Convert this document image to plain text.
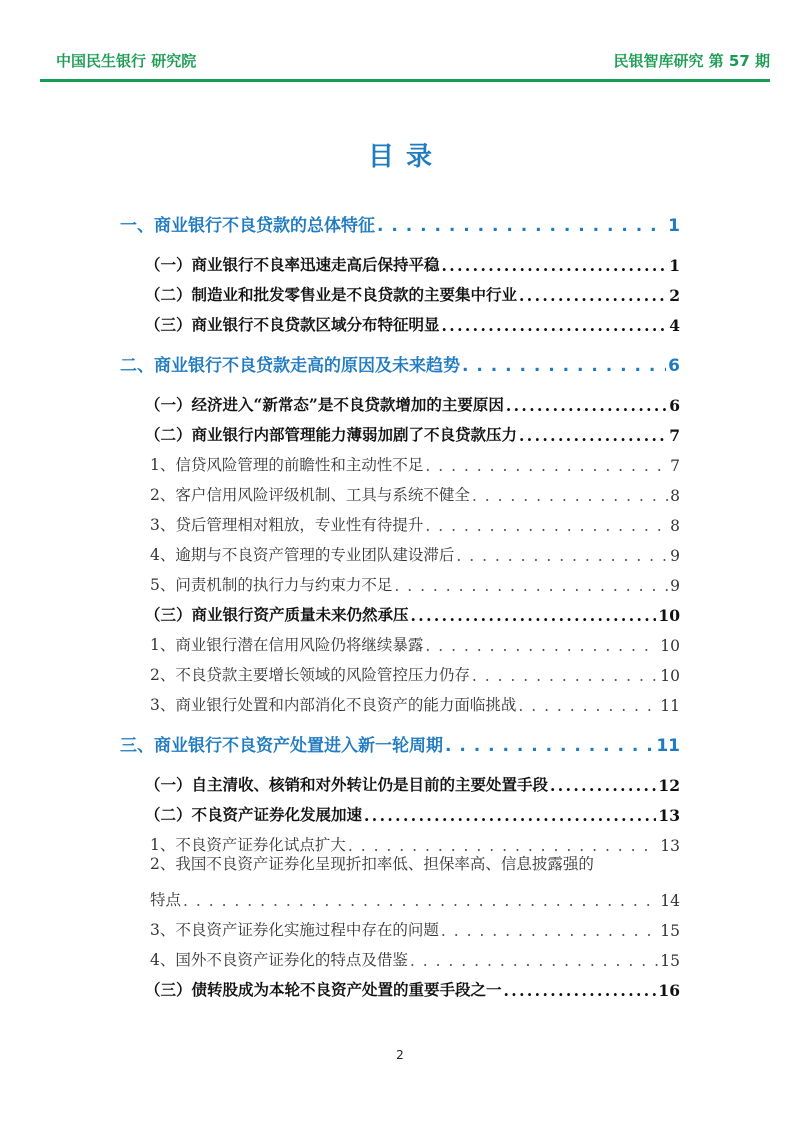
中国民生银行 研究院	民银智库研究 第 57 期
目录
一、商业银行不良贷款的总体特征 . . .	1
（一）商业银行不良率迅速走高后保持平稳 . . .	1
（二）制造业和批发零售业是不良贷款的主要集中行业 . . .	2
（三）商业银行不良贷款区域分布特征明显 . . .	4
二、商业银行不良贷款走高的原因及未来趋势 . . .	6
（一）经济进入“新常态”是不良贷款增加的主要原因 . . .	6
（二）商业银行内部管理能力薄弱加剧了不良贷款压力 . . .	7
1、信贷风险管理的前瞻性和主动性不足 . . .	7
2、客户信用风险评级机制、工具与系统不健全 . . .	8
3、贷后管理相对粗放，专业性有待提升 . . .	8
4、逾期与不良资产管理的专业团队建设滞后 . . .	9
5、问责机制的执行力与约束力不足 . . .	9
（三）商业银行资产质量未来仍然承压 . . .	10
1、商业银行潜在信用风险仍将继续暴露 . . .	10
2、不良贷款主要增长领域的风险管控压力仍存 . . .	10
3、商业银行处置和内部消化不良资产的能力面临挑战 . . .	11
三、商业银行不良资产处置进入新一轮周期 . . .	11
（一）自主清收、核销和对外转让仍是目前的主要处置手段 . . .	12
（二）不良资产证券化发展加速 . . .	13
1、不良资产证券化试点扩大 . . .	13
2、我国不良资产证券化呈现折扣率低、担保率高、信息披露强的
特点 . . .	14
3、不良资产证券化实施过程中存在的问题 . . .	15
4、国外不良资产证券化的特点及借鉴 . . .	15
（三）债转股成为本轮不良资产处置的重要手段之一 . . .	16
2
